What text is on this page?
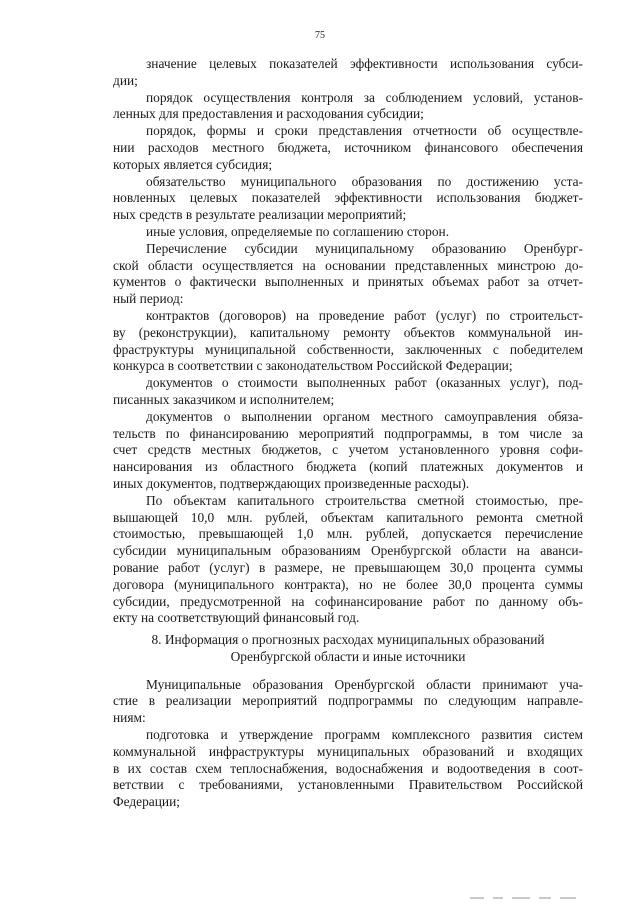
75
значение целевых показателей эффективности использования субси-
дии;
порядок осуществления контроля за соблюдением условий, установ-
ленных для предоставления и расходования субсидии;
порядок, формы и сроки представления отчетности об осуществле-
нии расходов местного бюджета, источником финансового обеспечения
которых является субсидия;
обязательство муниципального образования по достижению уста-
новленных целевых показателей эффективности использования бюджет-
ных средств в результате реализации мероприятий;
иные условия, определяемые по соглашению сторон.
Перечисление субсидии муниципальному образованию Оренбург-
ской области осуществляется на основании представленных минстрою до-
кументов о фактически выполненных и принятых объемах работ за отчет-
ный период:
контрактов (договоров) на проведение работ (услуг) по строительст-
ву (реконструкции), капитальному ремонту объектов коммунальной ин-
фраструктуры муниципальной собственности, заключенных с победителем
конкурса в соответствии с законодательством Российской Федерации;
документов о стоимости выполненных работ (оказанных услуг), под-
писанных заказчиком и исполнителем;
документов о выполнении органом местного самоуправления обяза-
тельств по финансированию мероприятий подпрограммы, в том числе за
счет средств местных бюджетов, с учетом установленного уровня софи-
нансирования из областного бюджета (копий платежных документов и
иных документов, подтверждающих произведенные расходы).
По объектам капитального строительства сметной стоимостью, пре-
вышающей 10,0 млн. рублей, объектам капитального ремонта сметной
стоимостью, превышающей 1,0 млн. рублей, допускается перечисление
субсидии муниципальным образованиям Оренбургской области на аванси-
рование работ (услуг) в размере, не превышающем 30,0 процента суммы
договора (муниципального контракта), но не более 30,0 процента суммы
субсидии, предусмотренной на софинансирование работ по данному объ-
екту на соответствующий финансовый год.
8. Информация о прогнозных расходах муниципальных образований
Оренбургской области и иные источники
Муниципальные образования Оренбургской области принимают уча-
стие в реализации мероприятий подпрограммы по следующим направле-
ниям:
подготовка и утверждение программ комплексного развития систем
коммунальной инфраструктуры муниципальных образований и входящих
в их состав схем теплоснабжения, водоснабжения и водоотведения в соот-
ветствии с требованиями, установленными Правительством Российской
Федерации;
